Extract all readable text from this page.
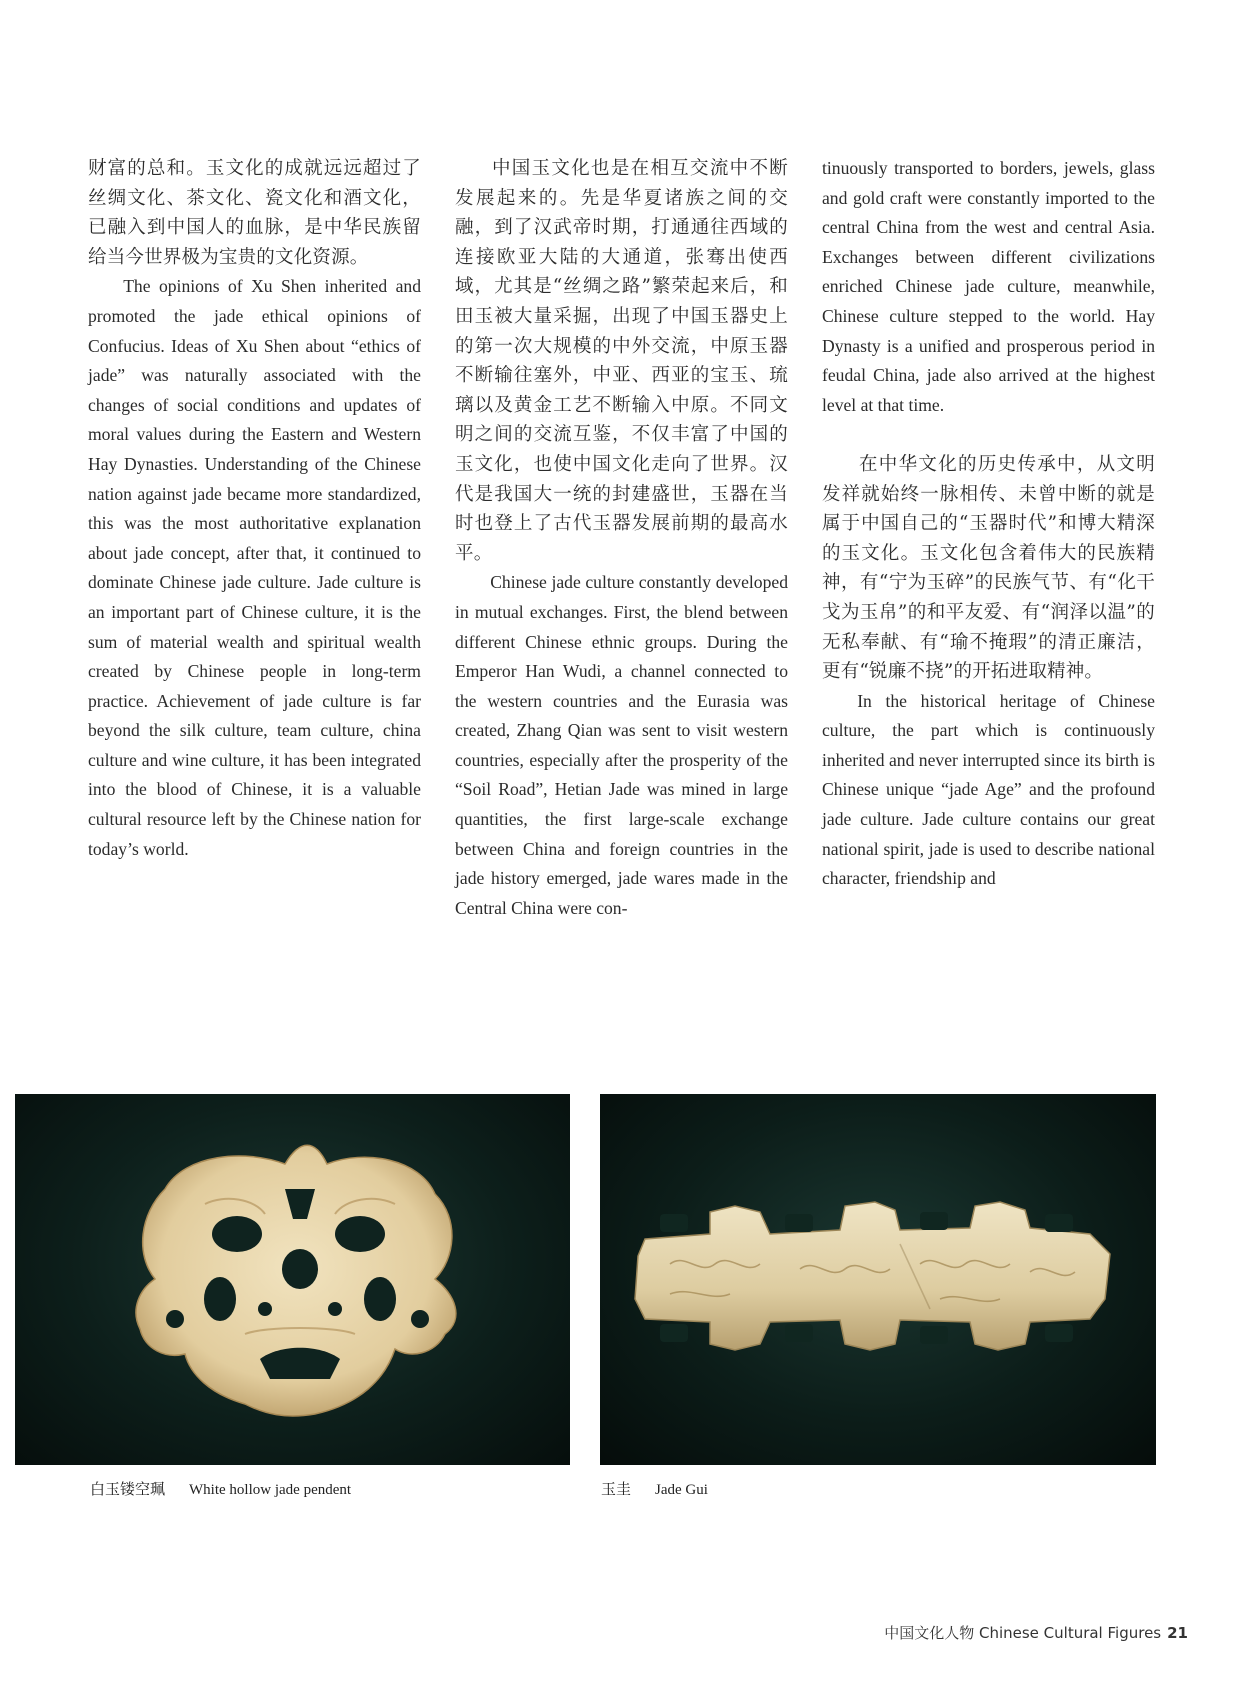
财富的总和。玉文化的成就远远超过了丝绸文化、茶文化、瓷文化和酒文化，已融入到中国人的血脉，是中华民族留给当今世界极为宝贵的文化资源。

The opinions of Xu Shen inherited and promoted the jade ethical opinions of Confucius. Ideas of Xu Shen about “ethics of jade” was naturally associated with the changes of social conditions and updates of moral values during the Eastern and Western Hay Dynasties. Understanding of the Chinese nation against jade became more standardized, this was the most authoritative explanation about jade concept, after that, it continued to dominate Chinese jade culture. Jade culture is an important part of Chinese culture, it is the sum of material wealth and spiritual wealth created by Chinese people in long-term practice. Achievement of jade culture is far beyond the silk culture, team culture, china culture and wine culture, it has been integrated into the blood of Chinese, it is a valuable cultural resource left by the Chinese nation for today’s world.

中国玉文化也是在相互交流中不断发展起来的。先是华夏诸族之间的交融，到了汉武帝时期，打通通往西域的连接欧亚大陆的大通道，张骞出使西域，尤其是“丝绸之路”繁荣起来后，和田玉被大量采掘，出现了中国玉器史上的第一次大规模的中外交流，中原玉器不断输往塞外，中亚、西亚的宝玉、琉璃以及黄金工艺不断输入中原。不同文明之间的交流互鉴，不仅丰富了中国的玉文化，也使中国文化走向了世界。汉代是我国大一统的封建盛世，玉器在当时也登上了古代玉器发展前期的最高水平。

Chinese jade culture constantly developed in mutual exchanges. First, the blend between different Chinese ethnic groups. During the Emperor Han Wudi, a channel connected to the western countries and the Eurasia was created, Zhang Qian was sent to visit western countries, especially after the prosperity of the “Soil Road”, Hetian Jade was mined in large quantities, the first large-scale exchange between China and foreign countries in the jade history emerged, jade wares made in the Central China were con-

tinuously transported to borders, jewels, glass and gold craft were constantly imported to the central China from the west and central Asia. Exchanges between different civilizations enriched Chinese jade culture, meanwhile, Chinese culture stepped to the world. Hay Dynasty is a unified and prosperous period in feudal China, jade also arrived at the highest level at that time.

在中华文化的历史传承中，从文明发祥就始终一脉相传、未曾中断的就是属于中国自己的“玉器时代”和博大精深的玉文化。玉文化包含着伟大的民族精神，有“宁为玉碎”的民族气节、有“化干戈为玉帛”的和平友爱、有“润泽以温”的无私奉献、有“瑜不掩瑕”的清正廉洁，更有“锐廉不挠”的开拓进取精神。

In the historical heritage of Chinese culture, the part which is continuously inherited and never interrupted since its birth is Chinese unique “jade Age” and the profound jade culture. Jade culture contains our great national spirit, jade is used to describe national character, friendship and

白玉镂空珮 White hollow jade pendent	玉圭 Jade Gui
中国文化人物 Chinese Cultural Figures 21
